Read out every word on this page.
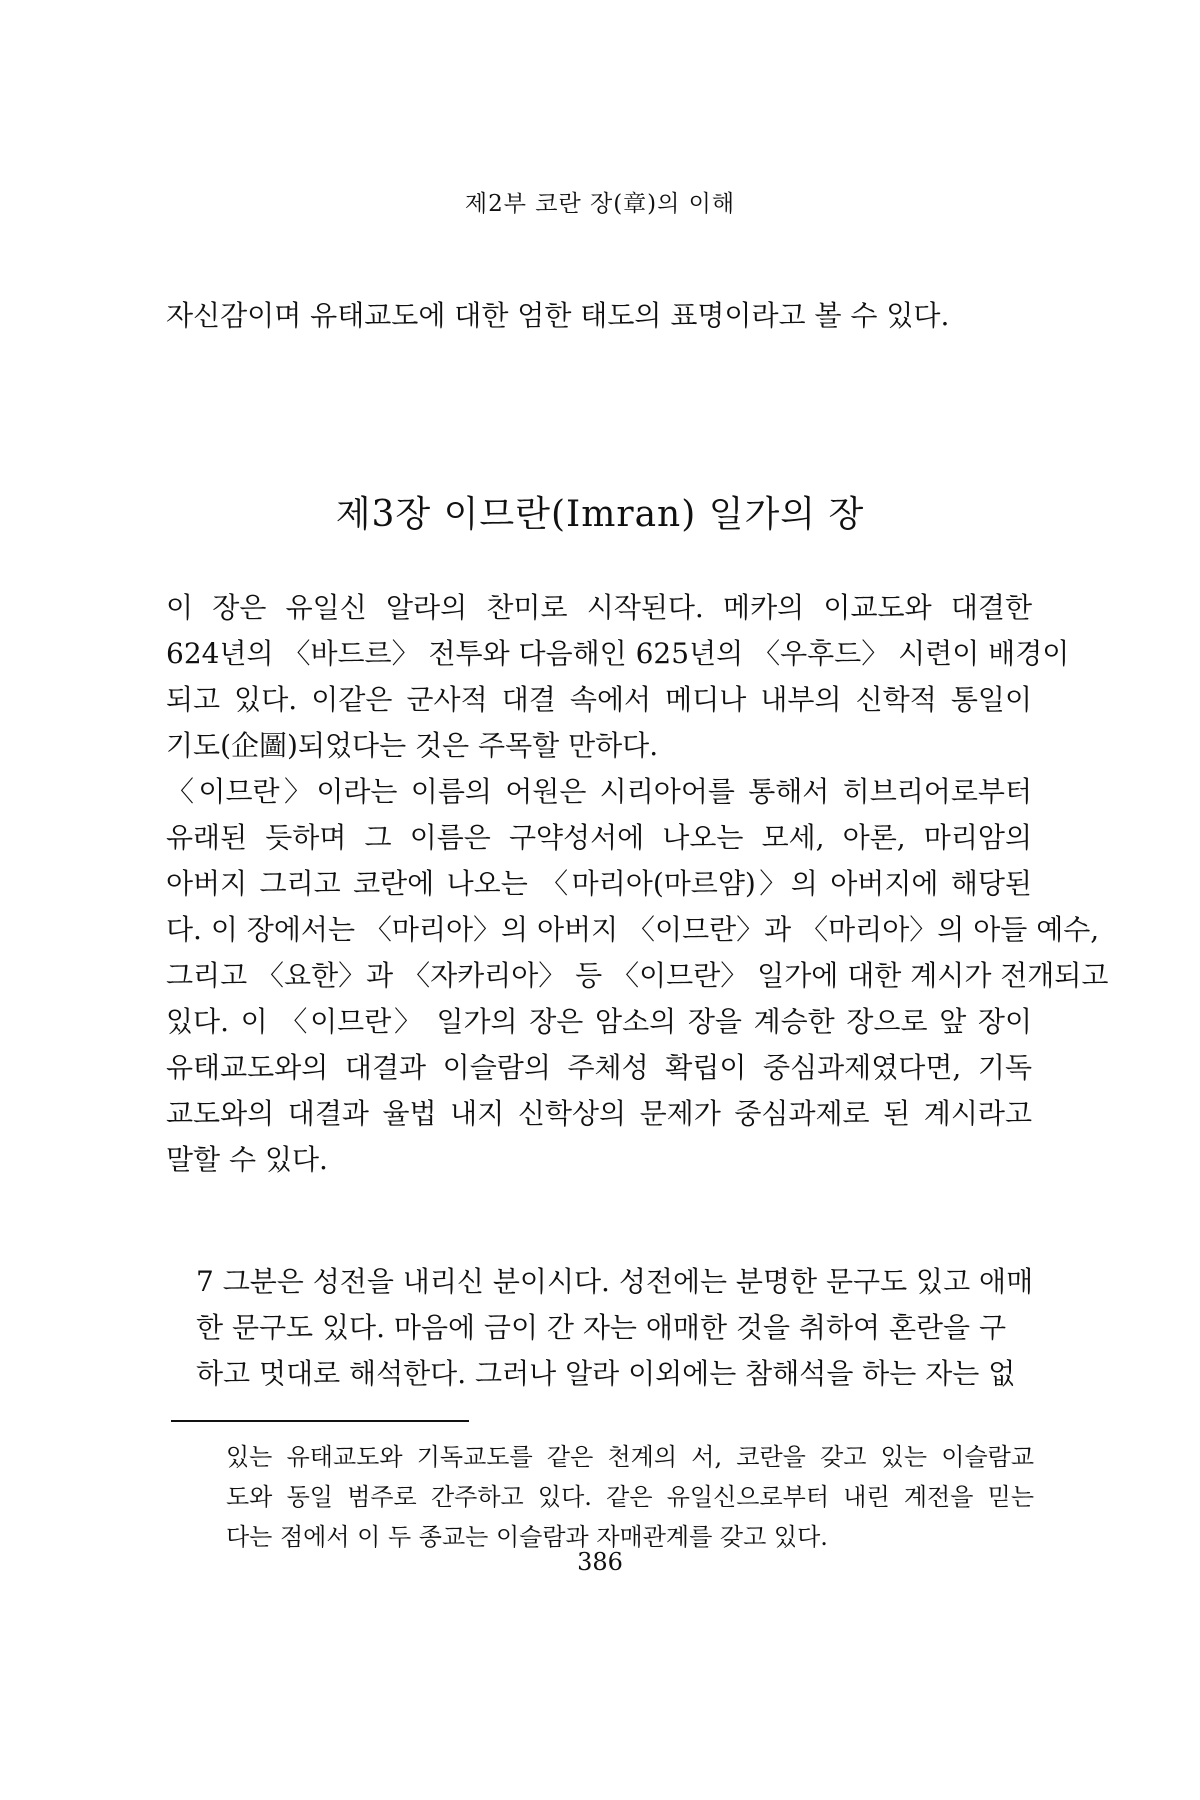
제2부 코란 장(章)의 이해
자신감이며 유태교도에 대한 엄한 태도의 표명이라고 볼 수 있다.
제3장 이므란(Imran) 일가의 장
이 장은 유일신 알라의 찬미로 시작된다. 메카의 이교도와 대결한
624년의 〈바드르〉 전투와 다음해인 625년의 〈우후드〉 시련이 배경이
되고 있다. 이같은 군사적 대결 속에서 메디나 내부의 신학적 통일이
기도(企圖)되었다는 것은 주목할 만하다.
〈이므란〉이라는 이름의 어원은 시리아어를 통해서 히브리어로부터
유래된 듯하며 그 이름은 구약성서에 나오는 모세, 아론, 마리암의
아버지 그리고 코란에 나오는 〈마리아(마르얌)〉의 아버지에 해당된
다. 이 장에서는 〈마리아〉의 아버지 〈이므란〉과 〈마리아〉의 아들 예수,
그리고 〈요한〉과 〈자카리아〉 등 〈이므란〉 일가에 대한 계시가 전개되고
있다. 이 〈이므란〉 일가의 장은 암소의 장을 계승한 장으로 앞 장이
유태교도와의 대결과 이슬람의 주체성 확립이 중심과제였다면, 기독
교도와의 대결과 율법 내지 신학상의 문제가 중심과제로 된 계시라고
말할 수 있다.
7 그분은 성전을 내리신 분이시다. 성전에는 분명한 문구도 있고 애매
한 문구도 있다. 마음에 금이 간 자는 애매한 것을 취하여 혼란을 구
하고 멋대로 해석한다. 그러나 알라 이외에는 참해석을 하는 자는 없
있는 유태교도와 기독교도를 같은 천계의 서, 코란을 갖고 있는 이슬람교
도와 동일 범주로 간주하고 있다. 같은 유일신으로부터 내린 계전을 믿는
다는 점에서 이 두 종교는 이슬람과 자매관계를 갖고 있다.
386
